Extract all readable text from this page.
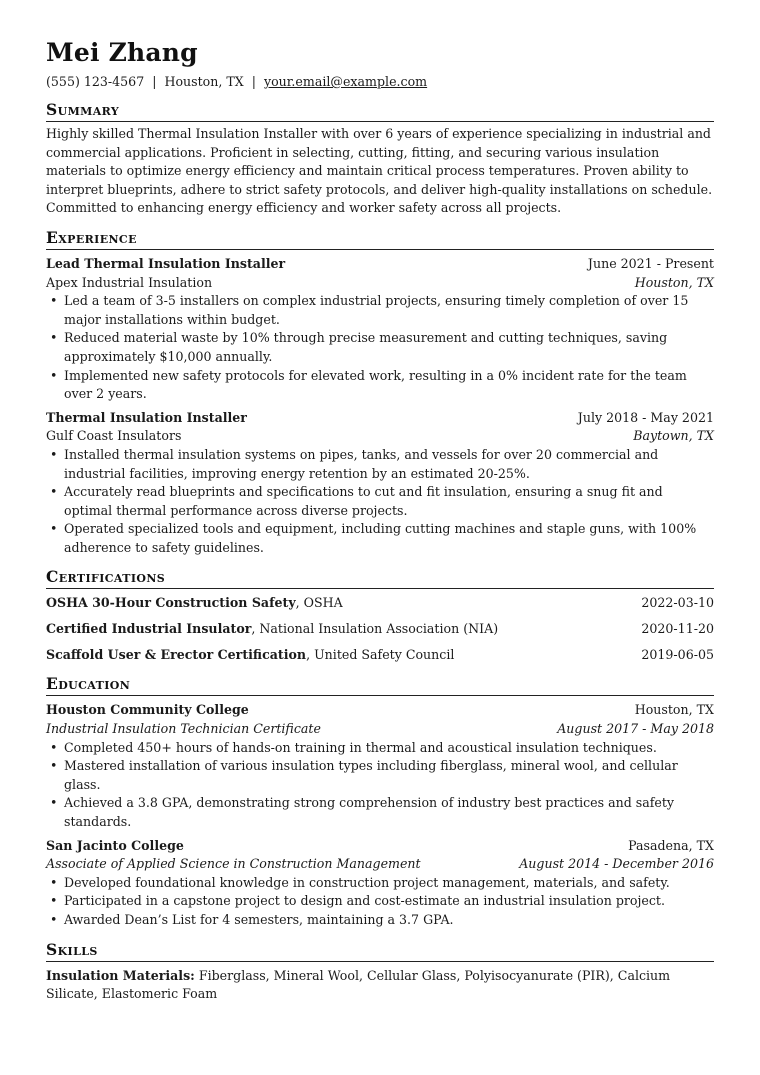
Mei Zhang
(555) 123-4567 | Houston, TX | your.email@example.com
Summary
Highly skilled Thermal Insulation Installer with over 6 years of experience specializing in industrial and commercial applications. Proficient in selecting, cutting, fitting, and securing various insulation materials to optimize energy efficiency and maintain critical process temperatures. Proven ability to interpret blueprints, adhere to strict safety protocols, and deliver high-quality installations on schedule. Committed to enhancing energy efficiency and worker safety across all projects.
Experience
Lead Thermal Insulation Installer	June 2021 - Present
Apex Industrial Insulation	Houston, TX
• Led a team of 3-5 installers on complex industrial projects, ensuring timely completion of over 15 major installations within budget.
• Reduced material waste by 10% through precise measurement and cutting techniques, saving approximately $10,000 annually.
• Implemented new safety protocols for elevated work, resulting in a 0% incident rate for the team over 2 years.
Thermal Insulation Installer	July 2018 - May 2021
Gulf Coast Insulators	Baytown, TX
• Installed thermal insulation systems on pipes, tanks, and vessels for over 20 commercial and industrial facilities, improving energy retention by an estimated 20-25%.
• Accurately read blueprints and specifications to cut and fit insulation, ensuring a snug fit and optimal thermal performance across diverse projects.
• Operated specialized tools and equipment, including cutting machines and staple guns, with 100% adherence to safety guidelines.
Certifications
OSHA 30-Hour Construction Safety, OSHA	2022-03-10
Certified Industrial Insulator, National Insulation Association (NIA)	2020-11-20
Scaffold User & Erector Certification, United Safety Council	2019-06-05
Education
Houston Community College	Houston, TX
Industrial Insulation Technician Certificate	August 2017 - May 2018
• Completed 450+ hours of hands-on training in thermal and acoustical insulation techniques.
• Mastered installation of various insulation types including fiberglass, mineral wool, and cellular glass.
• Achieved a 3.8 GPA, demonstrating strong comprehension of industry best practices and safety standards.
San Jacinto College	Pasadena, TX
Associate of Applied Science in Construction Management	August 2014 - December 2016
• Developed foundational knowledge in construction project management, materials, and safety.
• Participated in a capstone project to design and cost-estimate an industrial insulation project.
• Awarded Dean’s List for 4 semesters, maintaining a 3.7 GPA.
Skills
Insulation Materials: Fiberglass, Mineral Wool, Cellular Glass, Polyisocyanurate (PIR), Calcium Silicate, Elastomeric Foam
